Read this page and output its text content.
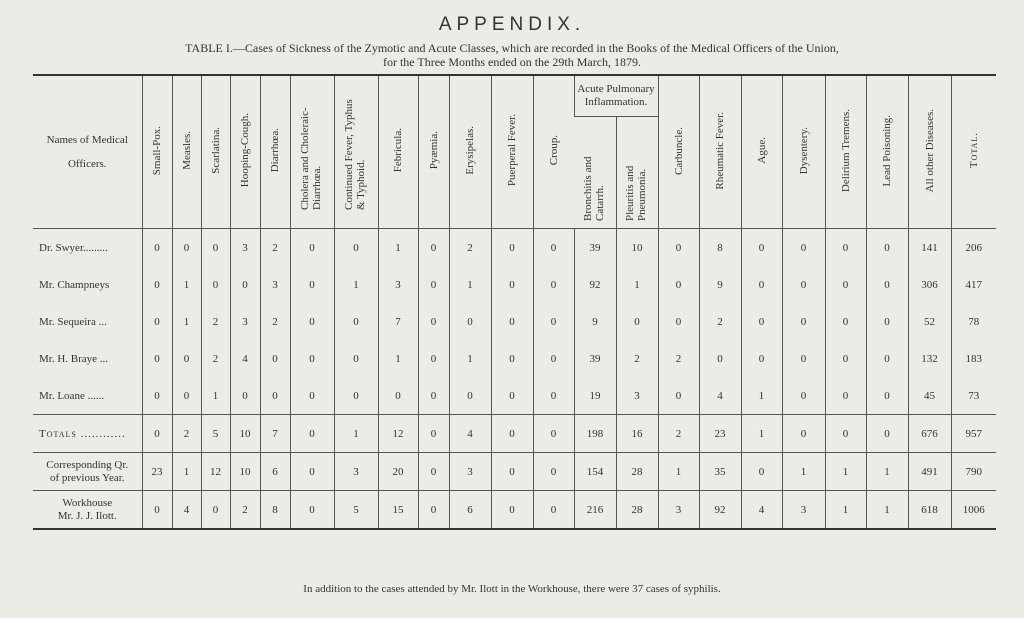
APPENDIX.
TABLE I.—Cases of Sickness of the Zymotic and Acute Classes, which are recorded in the Books of the Medical Officers of the Union,
for the Three Months ended on the 29th March, 1879.
Names of Medical Officers.	Small-Pox.	Measles.	Scarlatina.	Hooping-Cough.	Diarrhœa.	Cholera and Choleraic-Diarrhœa.	Continued Fever, Typhus & Typhoid.	Febricula.	Pyæmia.	Erysipelas.	Puerperal Fever.	Croup.	Acute Pulmonary Inflammation.		Carbuncle.	Rheumatic Fever.	Ague.	Dysentery.	Delirium Tremens.	Lead Poisoning.	All other Diseases.	Total.
													Bronchitis and Catarrh.	Pleuritis and Pneumonia.								
Dr. Swyer.........	0	0	0	3	2	0	0	1	0	2	0	0	39	10	0	8	0	0	0	0	141	206
Mr. Champneys	0	1	0	0	3	0	1	3	0	1	0	0	92	1	0	9	0	0	0	0	306	417
Mr. Sequeira ...	0	1	2	3	2	0	0	7	0	0	0	0	9	0	0	2	0	0	0	0	52	78
Mr. H. Braye ...	0	0	2	4	0	0	0	1	0	1	0	0	39	2	2	0	0	0	0	0	132	183
Mr. Loane ......	0	0	1	0	0	0	0	0	0	0	0	0	19	3	0	4	1	0	0	0	45	73
Totals ............	0	2	5	10	7	0	1	12	0	4	0	0	198	16	2	23	1	0	0	0	676	957

Corresponding Qr.
of previous Year.	23	1	12	10	6	0	3	20	0	3	0	0	154	28	1	35	0	1	1	1	491	790

Workhouse
Mr. J. J. Ilott.	0	4	0	2	8	0	5	15	0	6	0	0	216	28	3	92	4	3	1	1	618	1006
In addition to the cases attended by Mr. Ilott in the Workhouse, there were 37 cases of syphilis.
